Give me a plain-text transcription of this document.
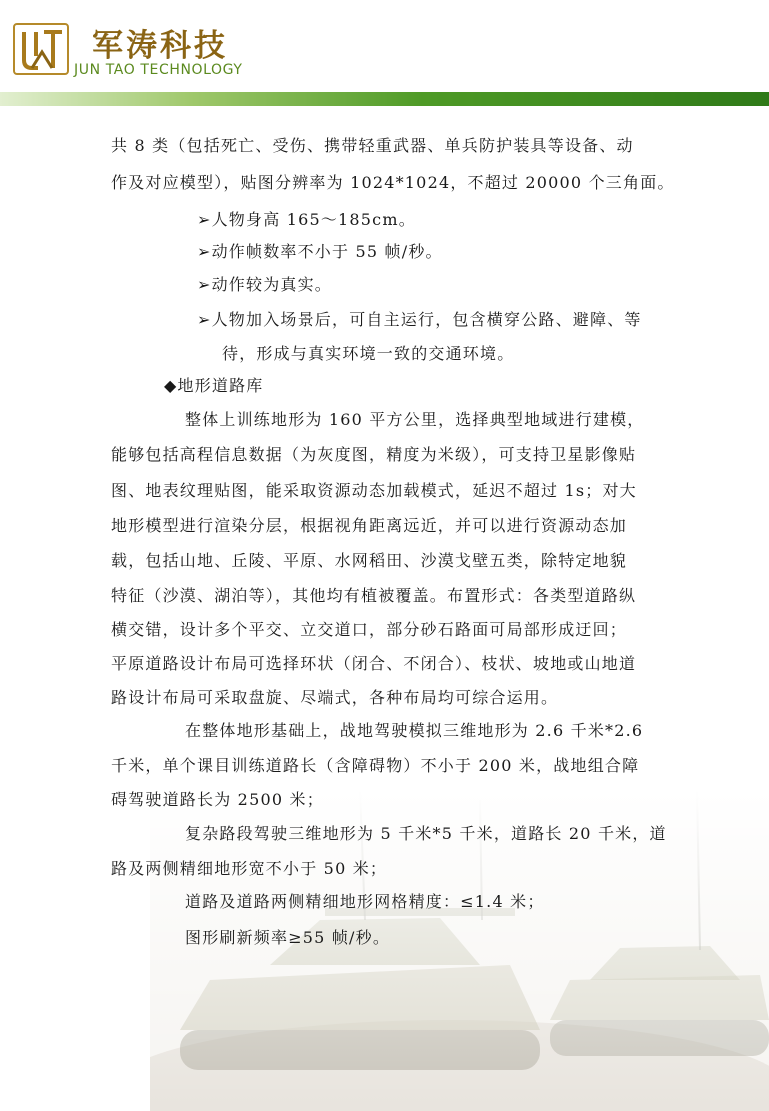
军涛科技
JUN TAO TECHNOLOGY
共 8 类（包括死亡、受伤、携带轻重武器、单兵防护装具等设备、动
作及对应模型），贴图分辨率为 1024*1024，不超过 20000 个三角面。
➢人物身高 165～185cm。
➢动作帧数率不小于 55 帧/秒。
➢动作较为真实。
➢人物加入场景后，可自主运行，包含横穿公路、避障、等
待，形成与真实环境一致的交通环境。
◆地形道路库
整体上训练地形为 160 平方公里，选择典型地域进行建模，
能够包括高程信息数据（为灰度图，精度为米级），可支持卫星影像贴
图、地表纹理贴图，能采取资源动态加载模式，延迟不超过 1s；对大
地形模型进行渲染分层，根据视角距离远近，并可以进行资源动态加
载，包括山地、丘陵、平原、水网稻田、沙漠戈壁五类，除特定地貌
特征（沙漠、湖泊等），其他均有植被覆盖。布置形式：各类型道路纵
横交错，设计多个平交、立交道口，部分砂石路面可局部形成迂回；
平原道路设计布局可选择环状（闭合、不闭合）、枝状、坡地或山地道
路设计布局可采取盘旋、尽端式，各种布局均可综合运用。
在整体地形基础上，战地驾驶模拟三维地形为 2.6 千米*2.6
千米，单个课目训练道路长（含障碍物）不小于 200 米，战地组合障
碍驾驶道路长为 2500 米；
复杂路段驾驶三维地形为 5 千米*5 千米，道路长 20 千米，道
路及两侧精细地形宽不小于 50 米；
道路及道路两侧精细地形网格精度：≤1.4 米；
图形刷新频率≥55 帧/秒。
